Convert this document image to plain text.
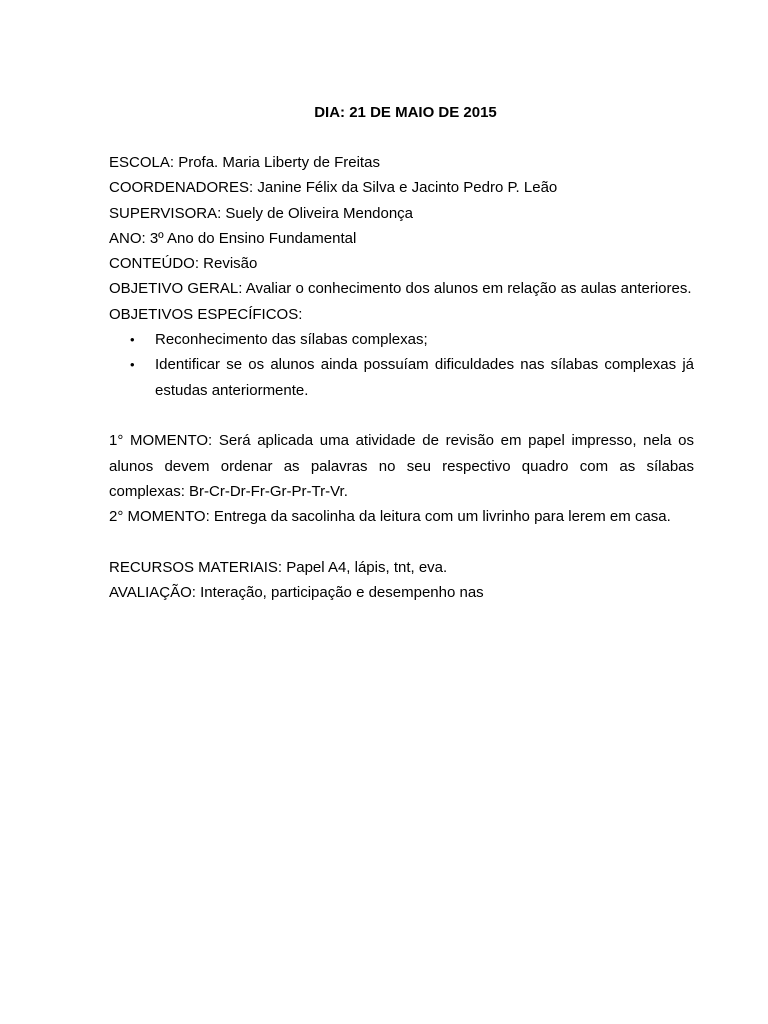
DIA: 21 DE MAIO DE 2015

ESCOLA: Profa. Maria Liberty de Freitas

COORDENADORES: Janine Félix da Silva e Jacinto Pedro P. Leão

SUPERVISORA: Suely de Oliveira Mendonça

ANO: 3º Ano do Ensino Fundamental

CONTEÚDO: Revisão

OBJETIVO GERAL: Avaliar o conhecimento dos alunos em relação as aulas anteriores.

OBJETIVOS ESPECÍFICOS:

• Reconhecimento das sílabas complexas;
• Identificar se os alunos ainda possuíam dificuldades nas sílabas complexas já estudas anteriormente.

1° MOMENTO: Será aplicada uma atividade de revisão em papel impresso, nela os alunos devem ordenar as palavras no seu respectivo quadro com as sílabas complexas: Br-Cr-Dr-Fr-Gr-Pr-Tr-Vr.

2° MOMENTO: Entrega da sacolinha da leitura com um livrinho para lerem em casa.

RECURSOS MATERIAIS: Papel A4, lápis, tnt, eva.

AVALIAÇÃO: Interação, participação e desempenho nas
